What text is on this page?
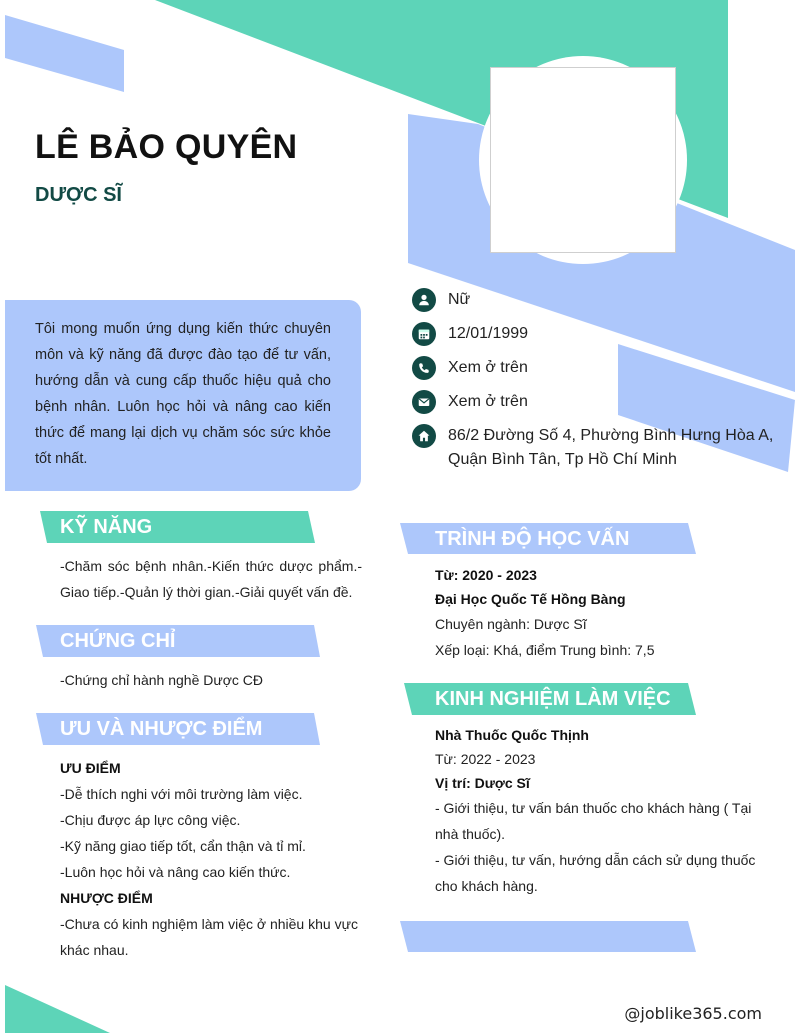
LÊ BẢO QUYÊN
DƯỢC SĨ

Tôi mong muốn ứng dụng kiến thức chuyên môn và kỹ năng đã được đào tạo để tư vấn, hướng dẫn và cung cấp thuốc hiệu quả cho bệnh nhân. Luôn học hỏi và nâng cao kiến thức để mang lại dịch vụ chăm sóc sức khỏe tốt nhất.

Nữ
12/01/1999
Xem ở trên
Xem ở trên
86/2 Đường Số 4, Phường Bình Hưng Hòa A, Quận Bình Tân, Tp Hồ Chí Minh
KỸ NĂNG
-Chăm sóc bệnh nhân.-Kiến thức dược phẩm.-Giao tiếp.-Quản lý thời gian.-Giải quyết vấn đề.
CHỨNG CHỈ
-Chứng chỉ hành nghề Dược CĐ
ƯU VÀ NHƯỢC ĐIỂM
ƯU ĐIỂM
-Dễ thích nghi với môi trường làm việc.
-Chịu được áp lực công việc.
-Kỹ năng giao tiếp tốt, cẩn thận và tỉ mỉ.
-Luôn học hỏi và nâng cao kiến thức.
NHƯỢC ĐIỂM
-Chưa có kinh nghiệm làm việc ở nhiều khu vực khác nhau.
TRÌNH ĐỘ HỌC VẤN
Từ: 2020 - 2023
Đại Học Quốc Tế Hồng Bàng
Chuyên ngành: Dược Sĩ
Xếp loại: Khá, điểm Trung bình: 7,5
KINH NGHIỆM LÀM VIỆC
Nhà Thuốc Quốc Thịnh
Từ: 2022 - 2023
Vị trí: Dược Sĩ
- Giới thiệu, tư vấn bán thuốc cho khách hàng ( Tại nhà thuốc).
- Giới thiệu, tư vấn, hướng dẫn cách sử dụng thuốc cho khách hàng.
@joblike365.com
